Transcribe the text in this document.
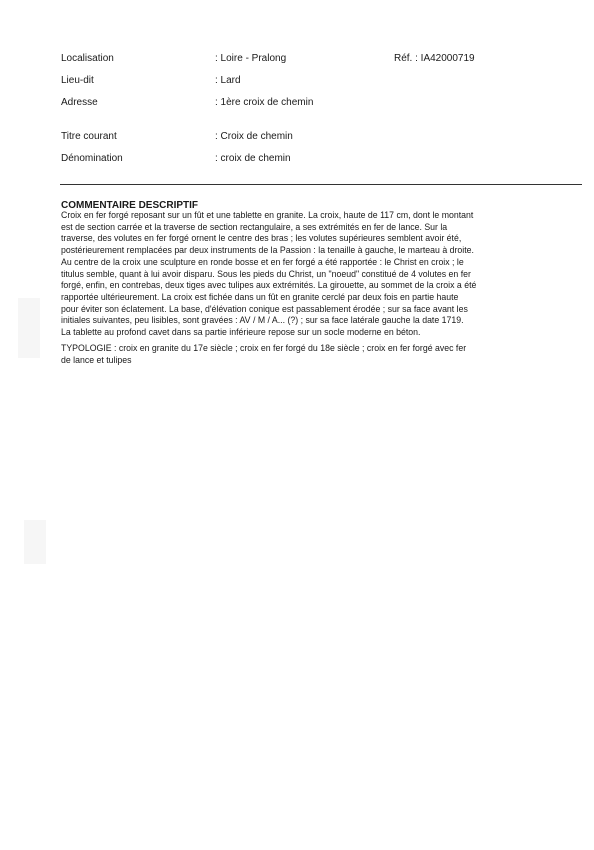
Localisation	: Loire - Pralong	Réf. : IA42000719
Lieu-dit	: Lard
Adresse	: 1ère croix de chemin
Titre courant	: Croix de chemin
Dénomination	: croix de chemin
COMMENTAIRE DESCRIPTIF

Croix en fer forgé reposant sur un fût et une tablette en granite. La croix, haute de 117 cm, dont le montant

est de section carrée et la traverse de section rectangulaire, a ses extrémités en fer de lance. Sur la

traverse, des volutes en fer forgé ornent le centre des bras ; les volutes supérieures semblent avoir été,

postérieurement remplacées par deux instruments de la Passion : la tenaille à gauche, le marteau à droite.

Au centre de la croix une sculpture en ronde bosse et en fer forgé a été rapportée : le Christ en croix ; le

titulus semble, quant à lui avoir disparu. Sous les pieds du Christ, un "noeud" constitué de 4 volutes en fer

forgé, enfin, en contrebas, deux tiges avec tulipes aux extrémités. La girouette, au sommet de la croix a été

rapportée ultérieurement. La croix est fichée dans un fût en granite cerclé par deux fois en partie haute

pour éviter son éclatement. La base, d'élévation conique est passablement érodée ; sur sa face avant les

initiales suivantes, peu lisibles, sont gravées : AV / M / A... (?) ; sur sa face latérale gauche la date 1719.

La tablette au profond cavet dans sa partie inférieure repose sur un socle moderne en béton.

TYPOLOGIE : croix en granite du 17e siècle ; croix en fer forgé du 18e siècle ; croix en fer forgé avec fer

de lance et tulipes
